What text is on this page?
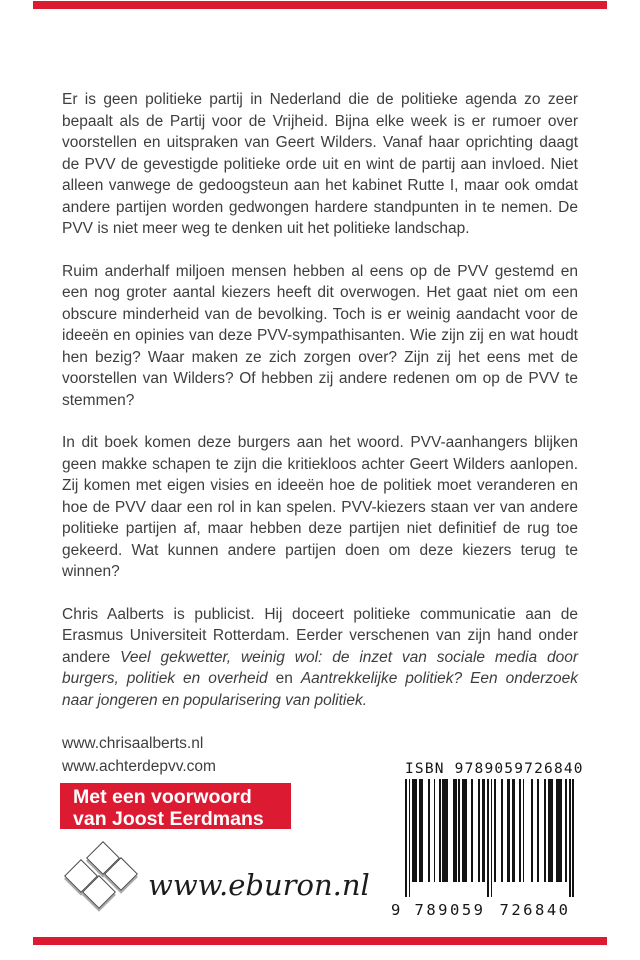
Er is geen politieke partij in Nederland die de politieke agenda zo zeer bepaalt als de Partij voor de Vrijheid. Bijna elke week is er rumoer over voorstellen en uitspraken van Geert Wilders. Vanaf haar oprichting daagt de PVV de gevestigde politieke orde uit en wint de partij aan invloed. Niet alleen vanwege de gedoogsteun aan het kabinet Rutte I, maar ook omdat andere partijen worden gedwongen hardere standpunten in te nemen. De PVV is niet meer weg te denken uit het politieke landschap.

Ruim anderhalf miljoen mensen hebben al eens op de PVV gestemd en een nog groter aantal kiezers heeft dit overwogen. Het gaat niet om een obscure minderheid van de bevolking. Toch is er weinig aandacht voor de ideeën en opinies van deze PVV-sympathisanten. Wie zijn zij en wat houdt hen bezig? Waar maken ze zich zorgen over? Zijn zij het eens met de voorstellen van Wilders? Of hebben zij andere redenen om op de PVV te stemmen?

In dit boek komen deze burgers aan het woord. PVV-aanhangers blijken geen makke schapen te zijn die kritiekloos achter Geert Wilders aanlopen. Zij komen met eigen visies en ideeën hoe de politiek moet veranderen en hoe de PVV daar een rol in kan spelen. PVV-kiezers staan ver van andere politieke partijen af, maar hebben deze partijen niet definitief de rug toe gekeerd. Wat kunnen andere partijen doen om deze kiezers terug te winnen?

Chris Aalberts is publicist. Hij doceert politieke communicatie aan de Erasmus Universiteit Rotterdam. Eerder verschenen van zijn hand onder andere Veel gekwetter, weinig wol: de inzet van sociale media door burgers, politiek en overheid en Aantrekkelijke politiek? Een onderzoek naar jongeren en popularisering van politiek.

www.chrisaalberts.nl
www.achterdepvv.com
Met een voorwoord
van Joost Eerdmans
ISBN 9789059726840
9 789059 726840
www.eburon.nl
